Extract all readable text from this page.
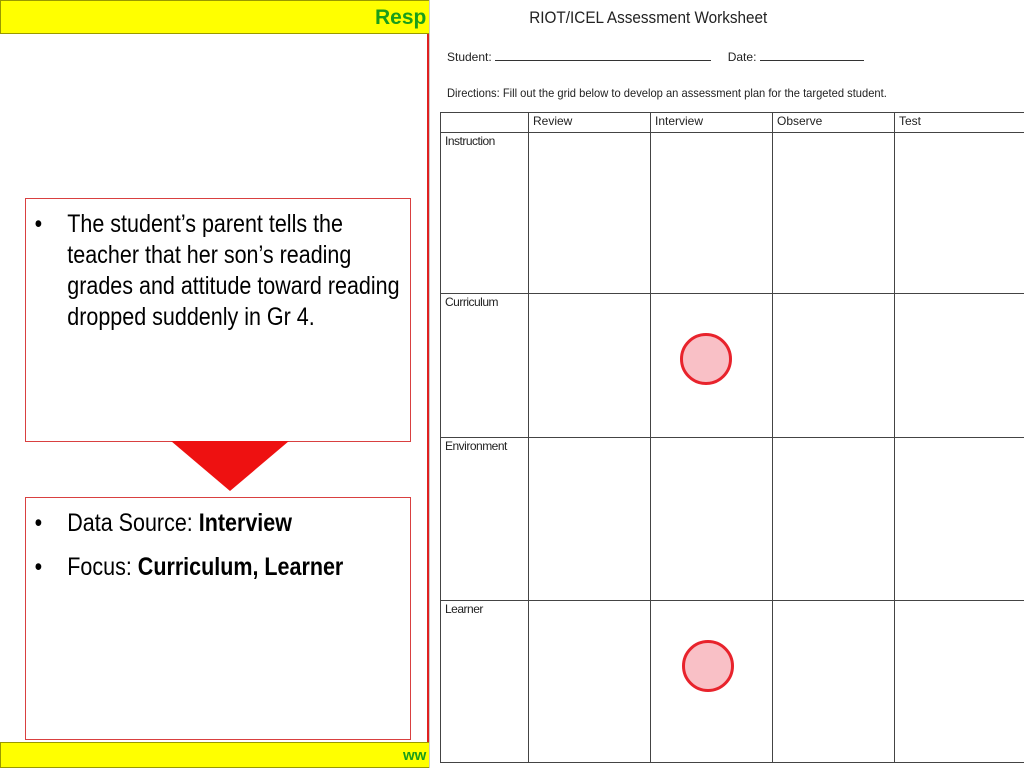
Resp
• The student’s parent tells the teacher that her son’s reading grades and attitude toward reading dropped suddenly in Gr 4.
• Data Source: Interview
• Focus: Curriculum, Learner
ww
RIOT/ICEL Assessment Worksheet
Student:	Date:
Directions: Fill out the grid below to develop an assessment plan for the targeted student.
	Review	Interview	Observe	Test
Instruction				
Curriculum				
Environment				
Learner				
